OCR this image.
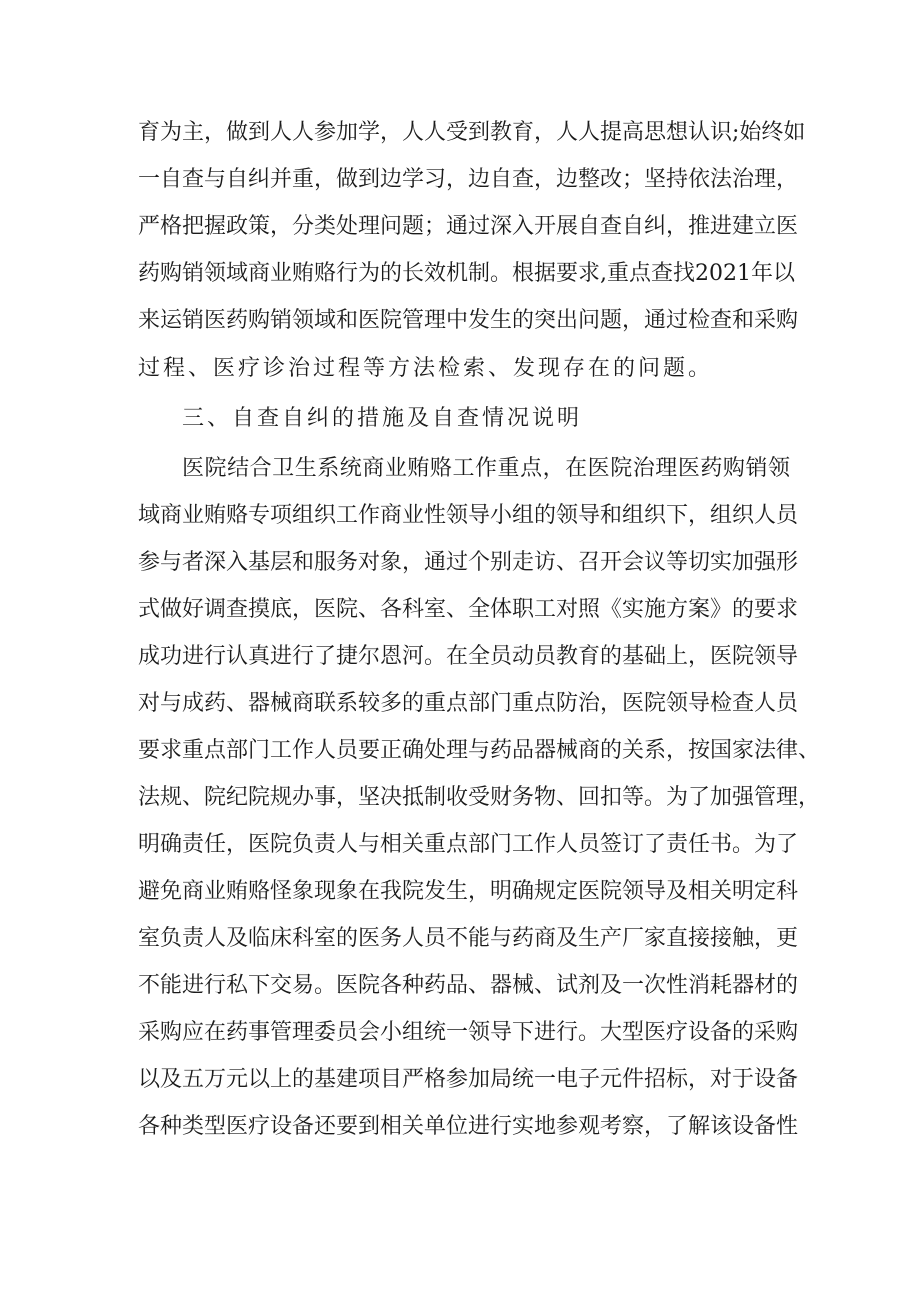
育为主，做到人人参加学，人人受到教育，人人提高思想认识;始终如
一自查与自纠并重，做到边学习，边自查，边整改；坚持依法治理，
严格把握政策，分类处理问题；通过深入开展自查自纠，推进建立医
药购销领域商业贿赂行为的长效机制。根据要求,重点查找2021年以
来运销医药购销领域和医院管理中发生的突出问题，通过检查和采购
过程、医疗诊治过程等方法检索、发现存在的问题。
三、自查自纠的措施及自查情况说明
医院结合卫生系统商业贿赂工作重点，在医院治理医药购销领
域商业贿赂专项组织工作商业性领导小组的领导和组织下，组织人员
参与者深入基层和服务对象，通过个别走访、召开会议等切实加强形
式做好调查摸底，医院、各科室、全体职工对照《实施方案》的要求
成功进行认真进行了捷尔恩河。在全员动员教育的基础上，医院领导
对与成药、器械商联系较多的重点部门重点防治，医院领导检查人员
要求重点部门工作人员要正确处理与药品器械商的关系，按国家法律、
法规、院纪院规办事，坚决抵制收受财务物、回扣等。为了加强管理，
明确责任，医院负责人与相关重点部门工作人员签订了责任书。为了
避免商业贿赂怪象现象在我院发生，明确规定医院领导及相关明定科
室负责人及临床科室的医务人员不能与药商及生产厂家直接接触，更
不能进行私下交易。医院各种药品、器械、试剂及一次性消耗器材的
采购应在药事管理委员会小组统一领导下进行。大型医疗设备的采购
以及五万元以上的基建项目严格参加局统一电子元件招标，对于设备
各种类型医疗设备还要到相关单位进行实地参观考察，了解该设备性
